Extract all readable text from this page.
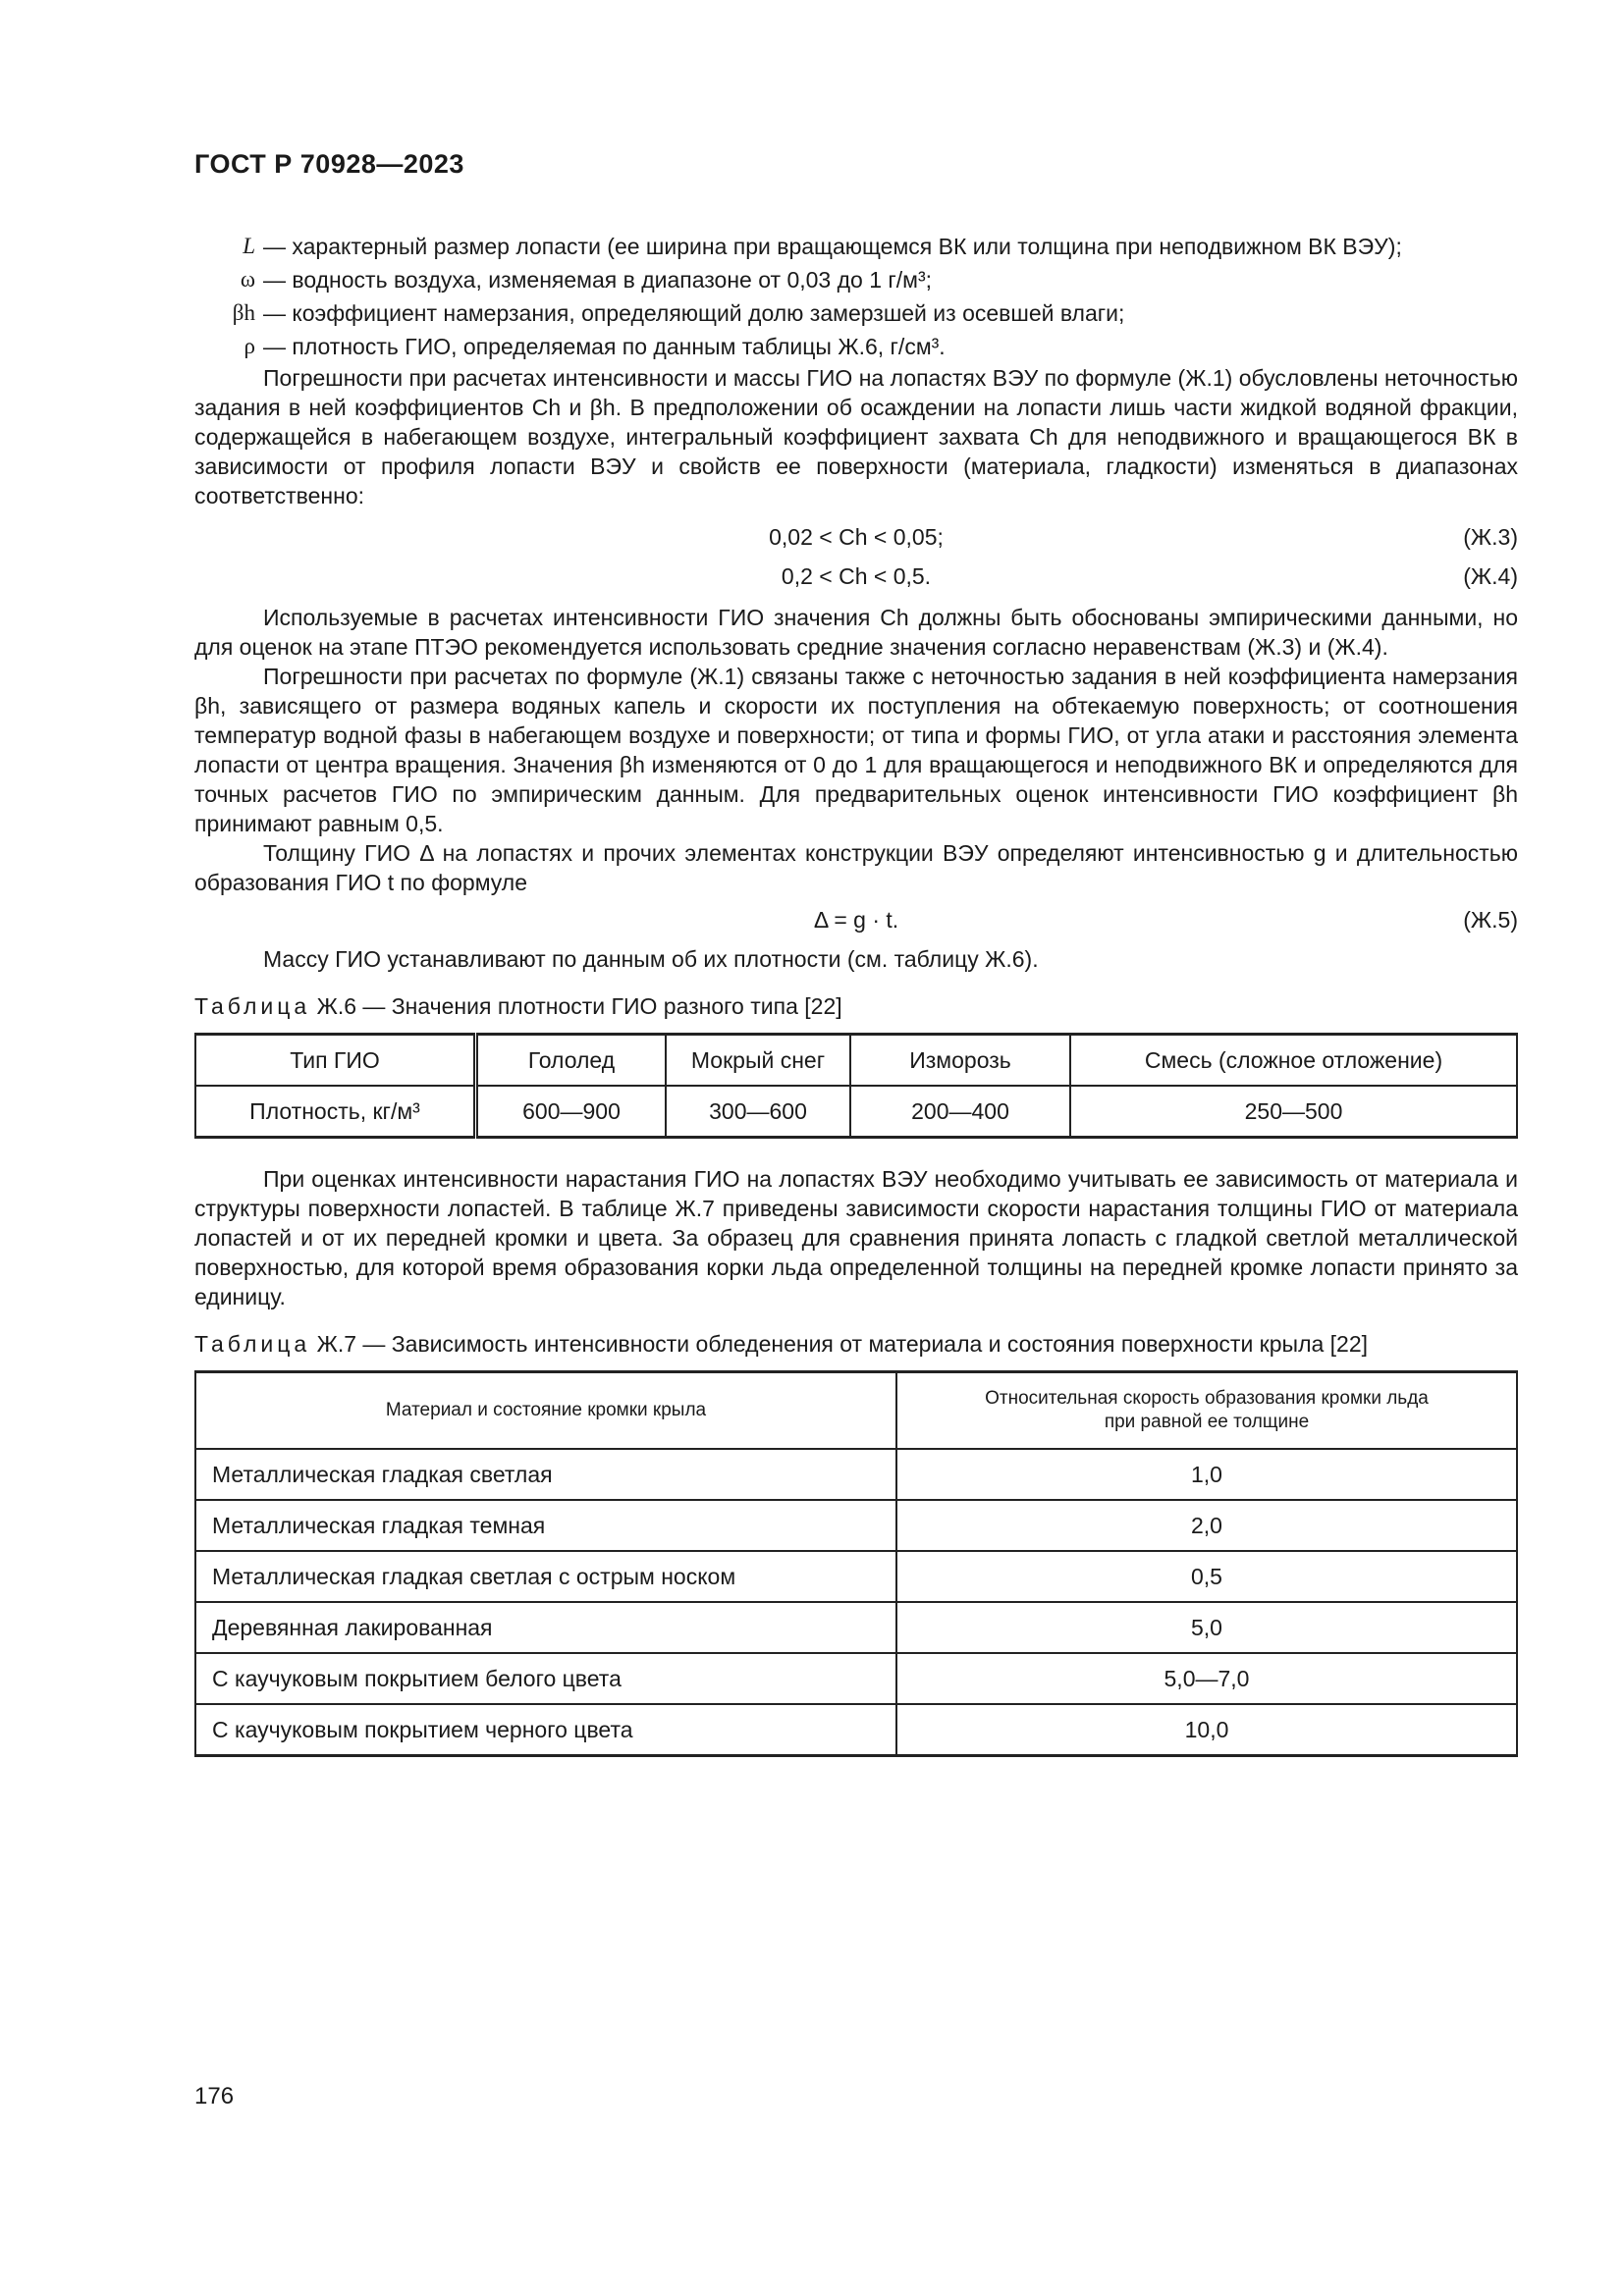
ГОСТ Р 70928—2023
L — характерный размер лопасти (ее ширина при вращающемся ВК или толщина при неподвижном ВК ВЭУ);
ω — водность воздуха, изменяемая в диапазоне от 0,03 до 1 г/м³;
βh — коэффициент намерзания, определяющий долю замерзшей из осевшей влаги;
ρ — плотность ГИО, определяемая по данным таблицы Ж.6, г/см³.

Погрешности при расчетах интенсивности и массы ГИО на лопастях ВЭУ по формуле (Ж.1) обусловлены неточностью задания в ней коэффициентов Ch и βh. В предположении об осаждении на лопасти лишь части жидкой водяной фракции, содержащейся в набегающем воздухе, интегральный коэффициент захвата Ch для неподвижного и вращающегося ВК в зависимости от профиля лопасти ВЭУ и свойств ее поверхности (материала, гладкости) изменяться в диапазонах соответственно:

0,02 < Ch < 0,05;	(Ж.3)
0,2 < Ch < 0,5.	(Ж.4)

Используемые в расчетах интенсивности ГИО значения Ch должны быть обоснованы эмпирическими данными, но для оценок на этапе ПТЭО рекомендуется использовать средние значения согласно неравенствам (Ж.3) и (Ж.4).

Погрешности при расчетах по формуле (Ж.1) связаны также с неточностью задания в ней коэффициента намерзания βh, зависящего от размера водяных капель и скорости их поступления на обтекаемую поверхность; от соотношения температур водной фазы в набегающем воздухе и поверхности; от типа и формы ГИО, от угла атаки и расстояния элемента лопасти от центра вращения. Значения βh изменяются от 0 до 1 для вращающегося и неподвижного ВК и определяются для точных расчетов ГИО по эмпирическим данным. Для предварительных оценок интенсивности ГИО коэффициент βh принимают равным 0,5.

Толщину ГИО Δ на лопастях и прочих элементах конструкции ВЭУ определяют интенсивностью g и длительностью образования ГИО t по формуле

Δ = g · t.	(Ж.5)

Массу ГИО устанавливают по данным об их плотности (см. таблицу Ж.6).

Таблица Ж.6 — Значения плотности ГИО разного типа [22]
Тип ГИО	Гололед	Мокрый снег	Изморозь	Смесь (сложное отложение)
Плотность, кг/м³	600—900	300—600	200—400	250—500

При оценках интенсивности нарастания ГИО на лопастях ВЭУ необходимо учитывать ее зависимость от материала и структуры поверхности лопастей. В таблице Ж.7 приведены зависимости скорости нарастания толщины ГИО от материала лопастей и от их передней кромки и цвета. За образец для сравнения принята лопасть с гладкой светлой металлической поверхностью, для которой время образования корки льда определенной толщины на передней кромке лопасти принято за единицу.

Таблица Ж.7 — Зависимость интенсивности обледенения от материала и состояния поверхности крыла [22]
Материал и состояние кромки крыла	Относительная скорость образования кромки льда
при равной ее толщине

Металлическая гладкая светлая	1,0
Металлическая гладкая темная	2,0
Металлическая гладкая светлая с острым носком	0,5
Деревянная лакированная	5,0
С каучуковым покрытием белого цвета	5,0—7,0
С каучуковым покрытием черного цвета	10,0
176
